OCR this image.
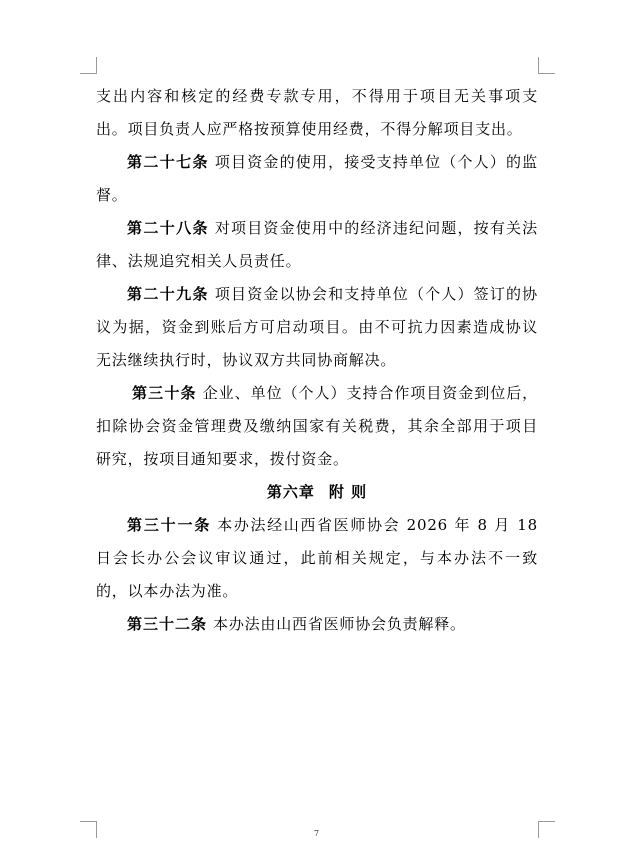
支出内容和核定的经费专款专用，不得用于项目无关事项支出。项目负责人应严格按预算使用经费，不得分解项目支出。

第二十七条 项目资金的使用，接受支持单位（个人）的监督。

第二十八条 对项目资金使用中的经济违纪问题，按有关法律、法规追究相关人员责任。

第二十九条 项目资金以协会和支持单位（个人）签订的协议为据，资金到账后方可启动项目。由不可抗力因素造成协议无法继续执行时，协议双方共同协商解决。

第三十条 企业、单位（个人）支持合作项目资金到位后，扣除协会资金管理费及缴纳国家有关税费，其余全部用于项目研究，按项目通知要求，拨付资金。

第六章 附 则

第三十一条 本办法经山西省医师协会 2026 年 8 月 18 日会长办公会议审议通过，此前相关规定，与本办法不一致的，以本办法为准。

第三十二条 本办法由山西省医师协会负责解释。

7
